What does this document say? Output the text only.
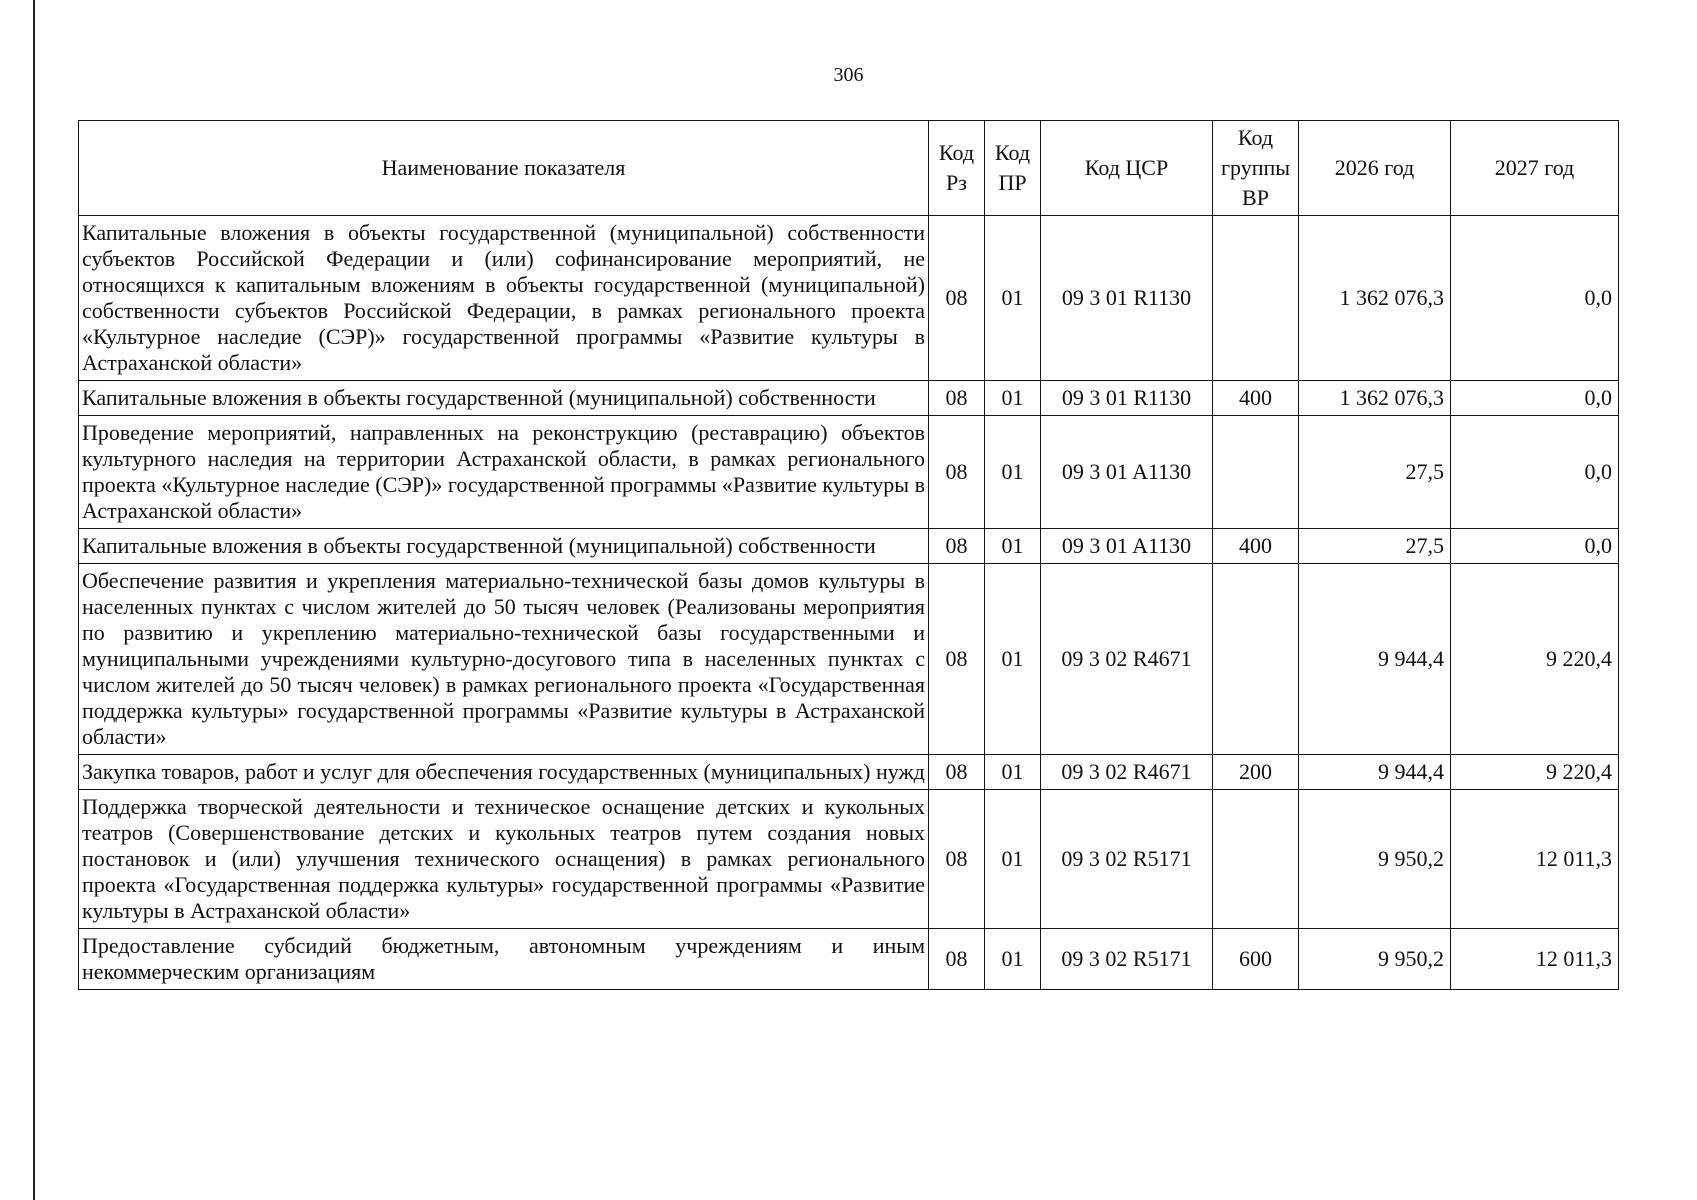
306
Наименование показателя	Код Рз	Код ПР	Код ЦСР	Код группы ВР	2026 год	2027 год
Капитальные вложения в объекты государственной (муниципальной) собственности субъектов Российской Федерации и (или) софинансирование мероприятий, не относящихся к капитальным вложениям в объекты государственной (муниципальной) собственности субъектов Российской Федерации, в рамках регионального проекта «Культурное наследие (СЭР)» государственной программы «Развитие культуры в Астраханской области»	08	01	09 3 01 R1130		1 362 076,3	0,0
Капитальные вложения в объекты государственной (муниципальной) собственности	08	01	09 3 01 R1130	400	1 362 076,3	0,0
Проведение мероприятий, направленных на реконструкцию (реставрацию) объектов культурного наследия на территории Астраханской области, в рамках регионального проекта «Культурное наследие (СЭР)» государственной программы «Развитие культуры в Астраханской области»	08	01	09 3 01 A1130		27,5	0,0
Капитальные вложения в объекты государственной (муниципальной) собственности	08	01	09 3 01 A1130	400	27,5	0,0
Обеспечение развития и укрепления материально-технической базы домов культуры в населенных пунктах с числом жителей до 50 тысяч человек (Реализованы мероприятия по развитию и укреплению материально-технической базы государственными и муниципальными учреждениями культурно-досугового типа в населенных пунктах с числом жителей до 50 тысяч человек) в рамках регионального проекта «Государственная поддержка культуры» государственной программы «Развитие культуры в Астраханской области»	08	01	09 3 02 R4671		9 944,4	9 220,4
Закупка товаров, работ и услуг для обеспечения государственных (муниципальных) нужд	08	01	09 3 02 R4671	200	9 944,4	9 220,4
Поддержка творческой деятельности и техническое оснащение детских и кукольных театров (Совершенствование детских и кукольных театров путем создания новых постановок и (или) улучшения технического оснащения) в рамках регионального проекта «Государственная поддержка культуры» государственной программы «Развитие культуры в Астраханской области»	08	01	09 3 02 R5171		9 950,2	12 011,3
Предоставление субсидий бюджетным, автономным учреждениям и иным некоммерческим организациям	08	01	09 3 02 R5171	600	9 950,2	12 011,3
